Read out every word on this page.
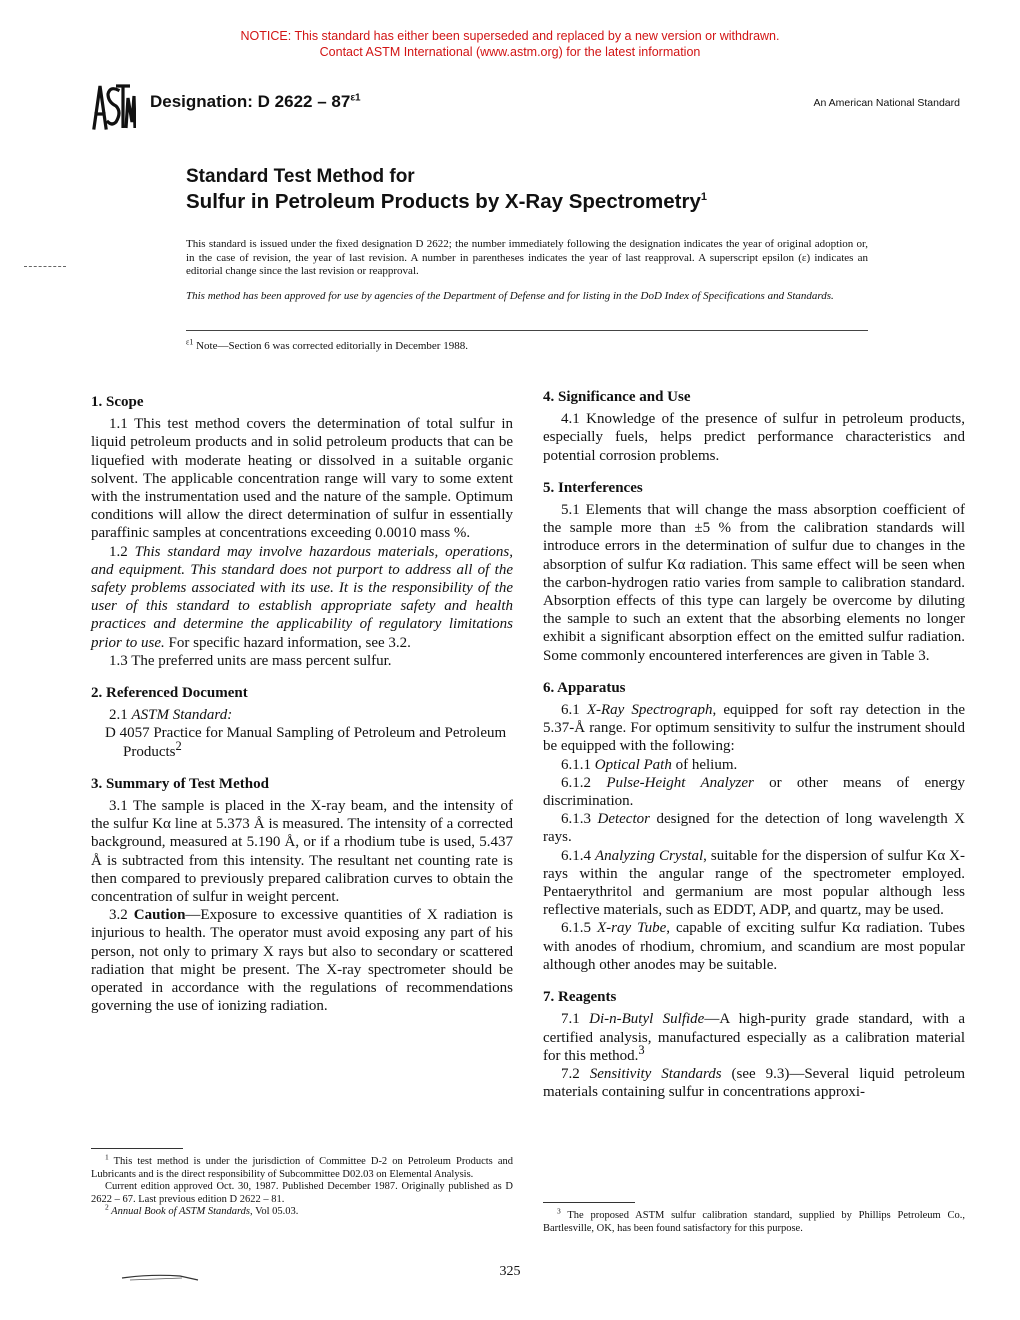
NOTICE: This standard has either been superseded and replaced by a new version or withdrawn.
Contact ASTM International (www.astm.org) for the latest information
Designation: D $2622 - 87^{\varepsilon 1}$	An American National Standard
Standard Test Method for
Sulfur in Petroleum Products by X-Ray Spectrometry$^1$
This standard is issued under the fixed designation D 2622; the number immediately following the designation indicates the year of original adoption or, in the case of revision, the year of last revision. A number in parentheses indicates the year of last reapproval. A superscript epsilon (ε) indicates an editorial change since the last revision or reapproval.
This method has been approved for use by agencies of the Department of Defense and for listing in the DoD Index of Specifications and Standards.
$^{\varepsilon 1}$ Note—Section 6 was corrected editorially in December 1988.
1. Scope

1.1 This test method covers the determination of total sulfur in liquid petroleum products and in solid petroleum products that can be liquefied with moderate heating or dissolved in a suitable organic solvent. The applicable concentration range will vary to some extent with the instrumentation used and the nature of the sample. Optimum conditions will allow the direct determination of sulfur in essentially paraffinic samples at concentrations exceeding 0.0010 mass %.

1.2 This standard may involve hazardous materials, operations, and equipment. This standard does not purport to address all of the safety problems associated with its use. It is the responsibility of the user of this standard to establish appropriate safety and health practices and determine the applicability of regulatory limitations prior to use. For specific hazard information, see 3.2.

1.3 The preferred units are mass percent sulfur.

2. Referenced Document

2.1 ASTM Standard:

D 4057 Practice for Manual Sampling of Petroleum and Petroleum Products$^2$

3. Summary of Test Method

3.1 The sample is placed in the X-ray beam, and the intensity of the sulfur Kα line at 5.373 Å is measured. The intensity of a corrected background, measured at 5.190 Å, or if a rhodium tube is used, 5.437 Å is subtracted from this intensity. The resultant net counting rate is then compared to previously prepared calibration curves to obtain the concentration of sulfur in weight percent.

3.2 Caution—Exposure to excessive quantities of X radiation is injurious to health. The operator must avoid exposing any part of his person, not only to primary X rays but also to secondary or scattered radiation that might be present. The X-ray spectrometer should be operated in accordance with the regulations of recommendations governing the use of ionizing radiation.

4. Significance and Use

4.1 Knowledge of the presence of sulfur in petroleum products, especially fuels, helps predict performance characteristics and potential corrosion problems.

5. Interferences

5.1 Elements that will change the mass absorption coefficient of the sample more than ±5 % from the calibration standards will introduce errors in the determination of sulfur due to changes in the absorption of sulfur Kα radiation. This same effect will be seen when the carbon-hydrogen ratio varies from sample to calibration standard. Absorption effects of this type can largely be overcome by diluting the sample to such an extent that the absorbing elements no longer exhibit a significant absorption effect on the emitted sulfur radiation. Some commonly encountered interferences are given in Table 3.

6. Apparatus

6.1 X-Ray Spectrograph, equipped for soft ray detection in the 5.37-Å range. For optimum sensitivity to sulfur the instrument should be equipped with the following:

6.1.1 Optical Path of helium.

6.1.2 Pulse-Height Analyzer or other means of energy discrimination.

6.1.3 Detector designed for the detection of long wavelength X rays.

6.1.4 Analyzing Crystal, suitable for the dispersion of sulfur Kα X-rays within the angular range of the spectrometer employed. Pentaerythritol and germanium are most popular although less reflective materials, such as EDDT, ADP, and quartz, may be used.

6.1.5 X-ray Tube, capable of exciting sulfur Kα radiation. Tubes with anodes of rhodium, chromium, and scandium are most popular although other anodes may be suitable.

7. Reagents

7.1 Di-n-Butyl Sulfide—A high-purity grade standard, with a certified analysis, manufactured especially as a calibration material for this method.$^3$

7.2 Sensitivity Standards (see 9.3)—Several liquid petroleum materials containing sulfur in concentrations approxi-

$^1$ This test method is under the jurisdiction of Committee D-2 on Petroleum Products and Lubricants and is the direct responsibility of Subcommittee D02.03 on Elemental Analysis.

Current edition approved Oct. 30, 1987. Published December 1987. Originally published as D 2622 – 67. Last previous edition D 2622 – 81.

$^2$ Annual Book of ASTM Standards, Vol 05.03.	$^3$ The proposed ASTM sulfur calibration standard, supplied by Phillips Petroleum Co., Bartlesville, OK, has been found satisfactory for this purpose.

325
